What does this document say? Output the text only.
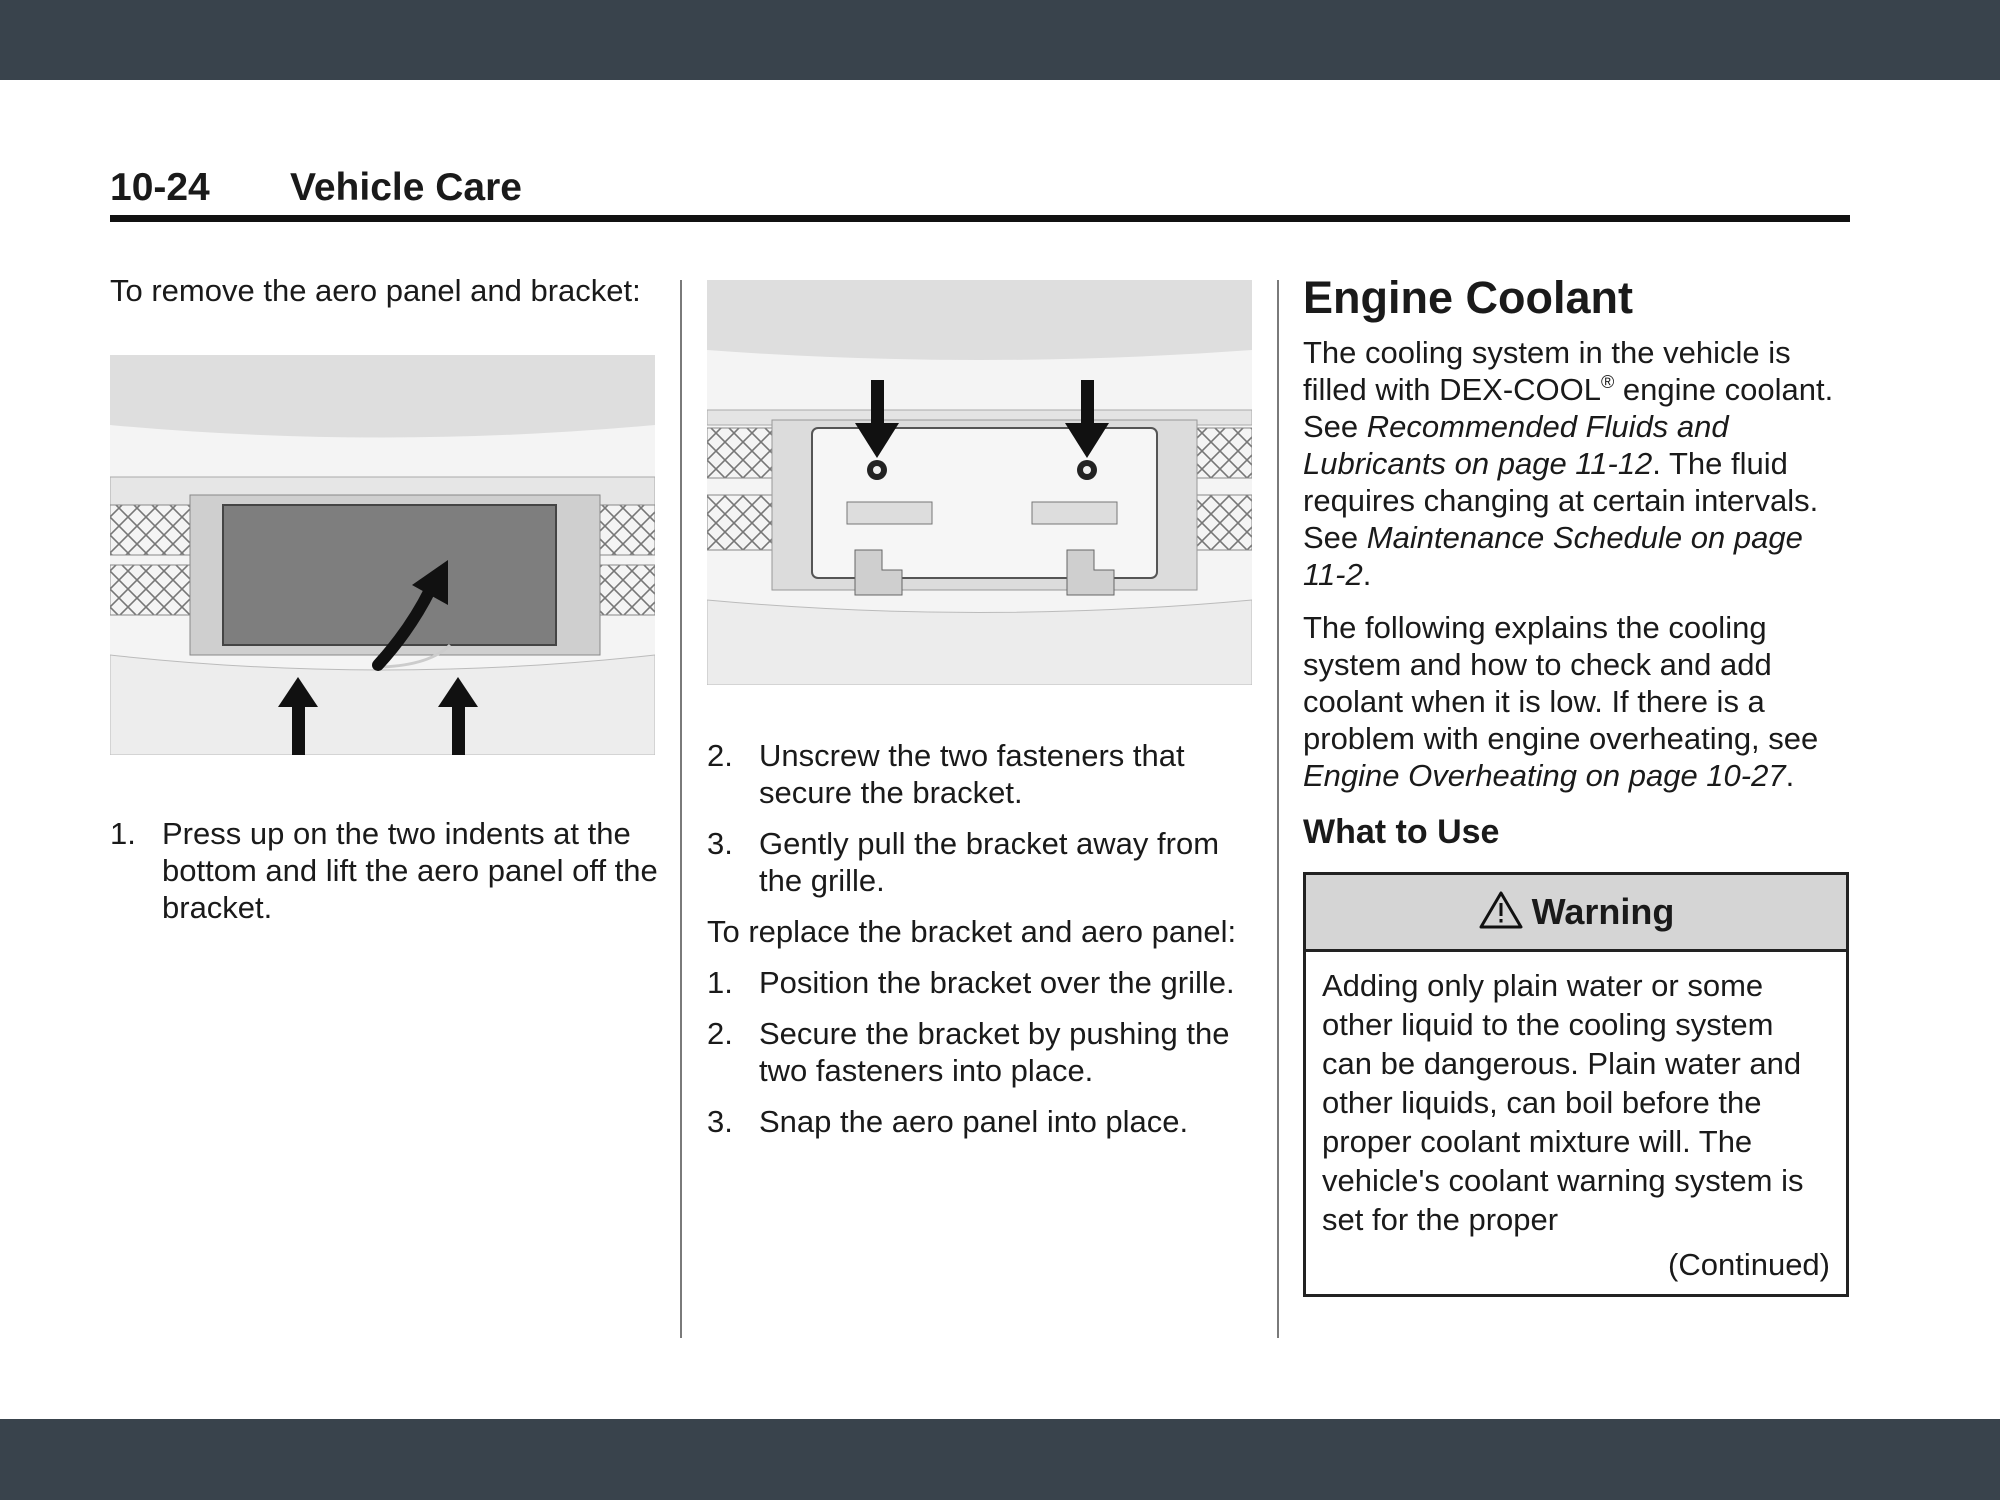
10-24 Vehicle Care

To remove the aero panel and bracket:

1. Press up on the two indents at the bottom and lift the aero panel off the bracket.
2. Unscrew the two fasteners that secure the bracket.
3. Gently pull the bracket away from the grille.

To replace the bracket and aero panel:

1. Position the bracket over the grille.
2. Secure the bracket by pushing the two fasteners into place.
3. Snap the aero panel into place.
Engine Coolant

The cooling system in the vehicle is filled with DEX-COOL® engine coolant. See Recommended Fluids and Lubricants on page 11-12. The fluid requires changing at certain intervals. See Maintenance Schedule on page 11-2.

The following explains the cooling system and how to check and add coolant when it is low. If there is a problem with engine overheating, see Engine Overheating on page 10-27.

What to Use
Warning
Adding only plain water or some other liquid to the cooling system can be dangerous. Plain water and other liquids, can boil before the proper coolant mixture will. The vehicle's coolant warning system is set for the proper
(Continued)
